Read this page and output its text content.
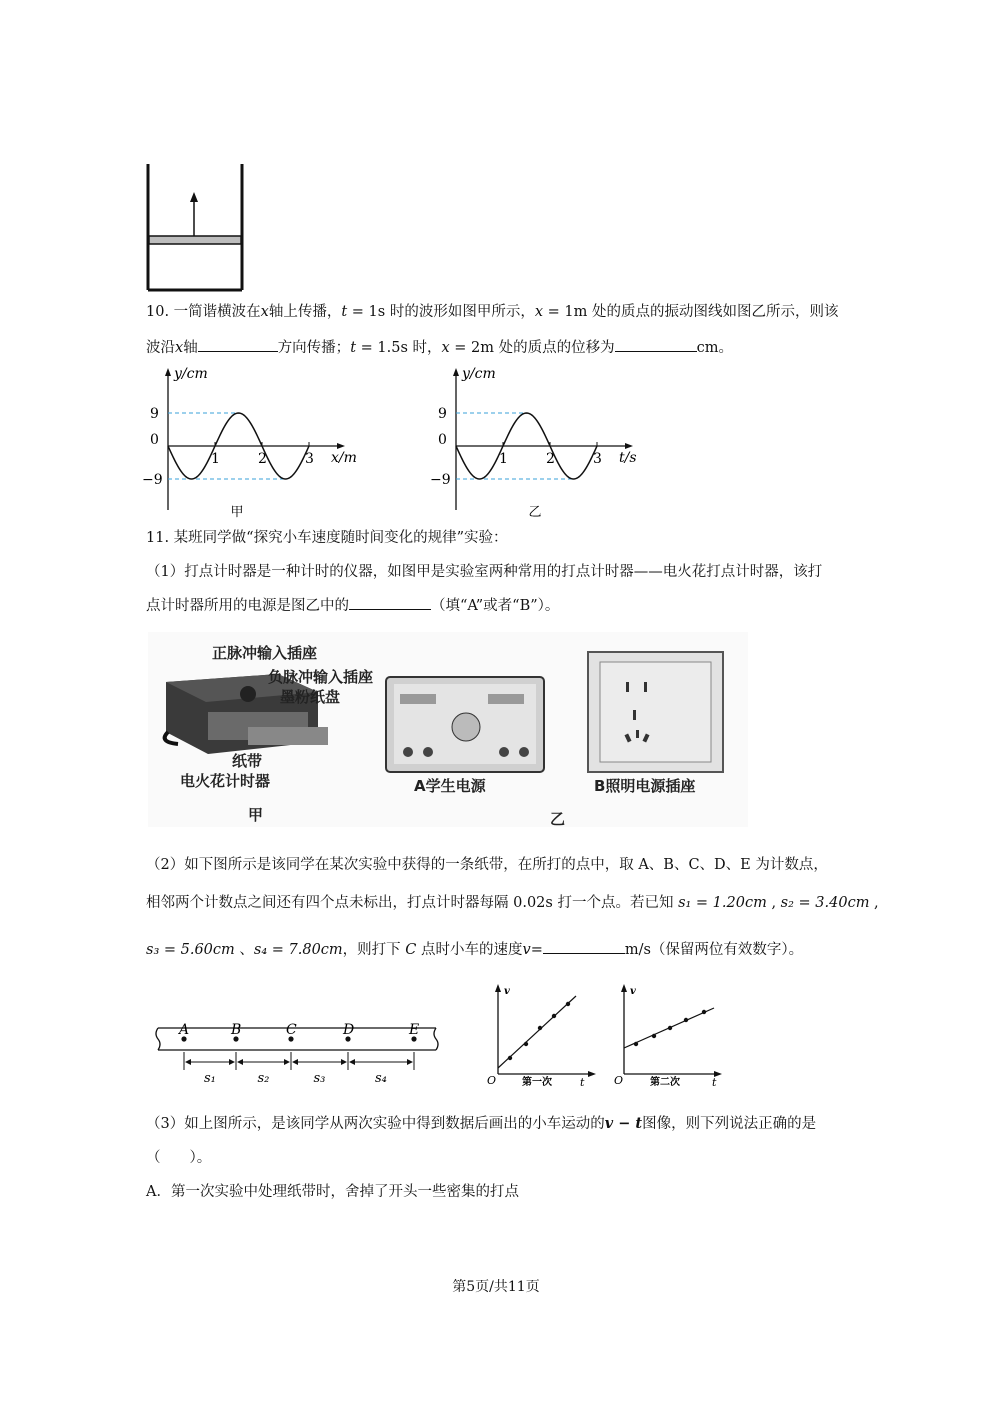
10. 一简谐横波在x轴上传播，t = 1s 时的波形如图甲所示，x = 1m 处的质点的振动图线如图乙所示，则该
波沿x轴	方向传播；t = 1.5s 时，x = 2m 处的质点的位移为	cm。
1	2	3
9
0
−9
y/cm
x/m
甲
1	2	3
9
0
−9
y/cm
t/s
乙
11. 某班同学做“探究小车速度随时间变化的规律”实验：
（1）打点计时器是一种计时的仪器，如图甲是实验室两种常用的打点计时器——电火花打点计时器，该打
点计时器所用的电源是图乙中的	（填“A”或者“B”）。
正脉冲输入插座
负脉冲输入插座
墨粉纸盘
纸带
电火花计时器	A学生电源	B照明电源插座
甲	乙
（2）如下图所示是该同学在某次实验中获得的一条纸带，在所打的点中，取 A、B、C、D、E 为计数点，
相邻两个计数点之间还有四个点未标出，打点计时器每隔 0.02s 打一个点。若已知 s₁ = 1.20cm , s₂ = 3.40cm ,
s₃ = 5.60cm 、s₄ = 7.80cm，则打下 C 点时小车的速度v=	m/s（保留两位有效数字）。
A	B	C	D	E
s₁	s₂	s₃	s₄
v
O	t
第一次
v
O	t
第二次
（3）如上图所示，是该同学从两次实验中得到数据后画出的小车运动的v − t图像，则下列说法正确的是
（　　）。
A．第一次实验中处理纸带时，舍掉了开头一些密集的打点
第5页/共11页
